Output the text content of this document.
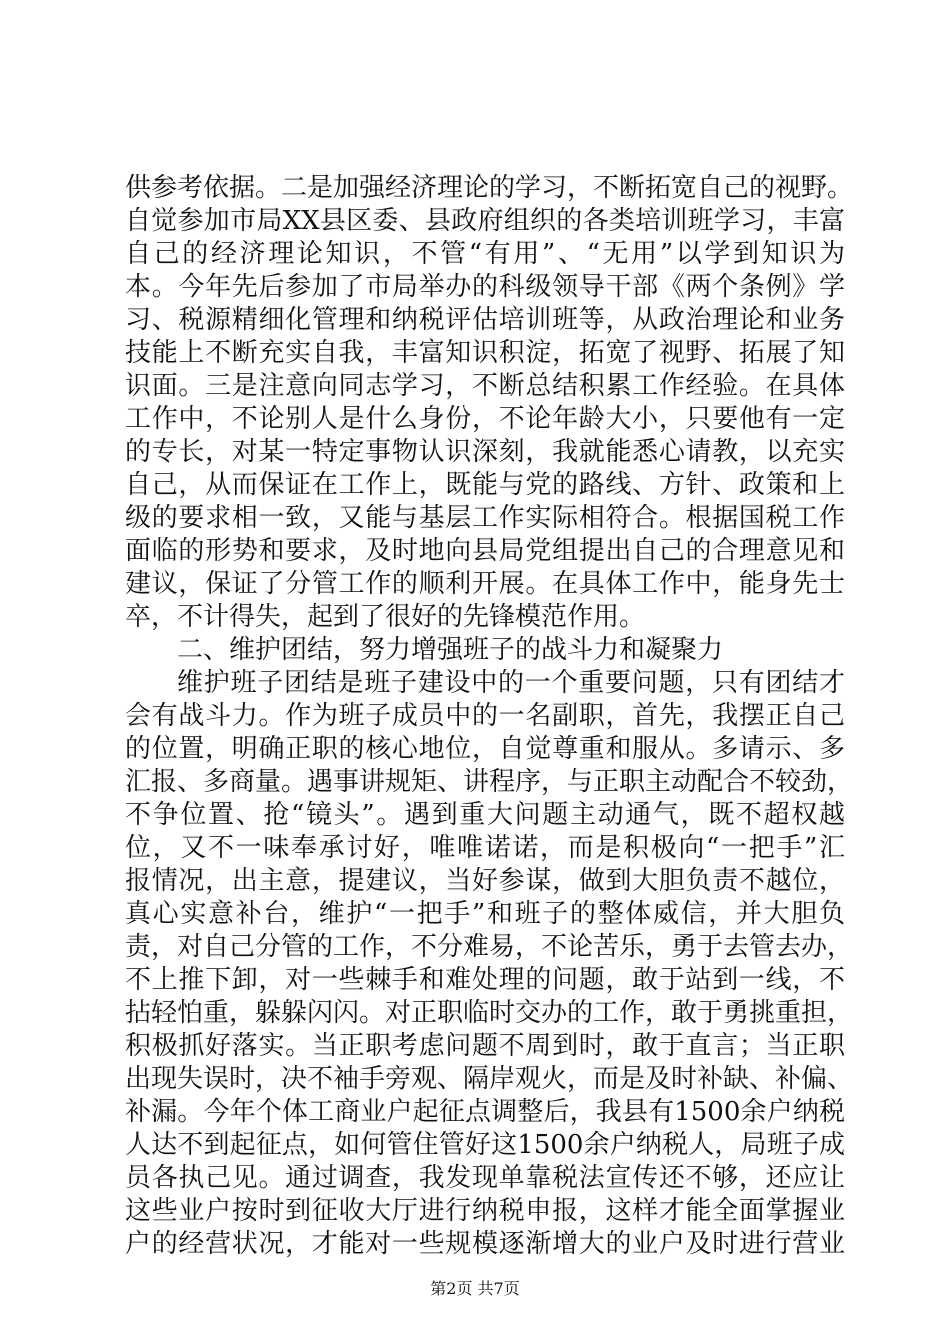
供参考依据。二是加强经济理论的学习，不断拓宽自己的视野。
自觉参加市局XX县区委、县政府组织的各类培训班学习，丰富
自己的经济理论知识，不管“有用”、“无用”以学到知识为
本。今年先后参加了市局举办的科级领导干部《两个条例》学
习、税源精细化管理和纳税评估培训班等，从政治理论和业务
技能上不断充实自我，丰富知识积淀，拓宽了视野、拓展了知
识面。三是注意向同志学习，不断总结积累工作经验。在具体
工作中，不论别人是什么身份，不论年龄大小，只要他有一定
的专长，对某一特定事物认识深刻，我就能悉心请教，以充实
自己，从而保证在工作上，既能与党的路线、方针、政策和上
级的要求相一致，又能与基层工作实际相符合。根据国税工作
面临的形势和要求，及时地向县局党组提出自己的合理意见和
建议，保证了分管工作的顺利开展。在具体工作中，能身先士
卒，不计得失，起到了很好的先锋模范作用。
二、维护团结，努力增强班子的战斗力和凝聚力
维护班子团结是班子建设中的一个重要问题，只有团结才
会有战斗力。作为班子成员中的一名副职，首先，我摆正自己
的位置，明确正职的核心地位，自觉尊重和服从。多请示、多
汇报、多商量。遇事讲规矩、讲程序，与正职主动配合不较劲，
不争位置、抢“镜头”。遇到重大问题主动通气，既不超权越
位，又不一味奉承讨好，唯唯诺诺，而是积极向“一把手”汇
报情况，出主意，提建议，当好参谋，做到大胆负责不越位，
真心实意补台，维护“一把手”和班子的整体威信，并大胆负
责，对自己分管的工作，不分难易，不论苦乐，勇于去管去办，
不上推下卸，对一些棘手和难处理的问题，敢于站到一线，不
拈轻怕重，躲躲闪闪。对正职临时交办的工作，敢于勇挑重担，
积极抓好落实。当正职考虑问题不周到时，敢于直言；当正职
出现失误时，决不袖手旁观、隔岸观火，而是及时补缺、补偏、
补漏。今年个体工商业户起征点调整后，我县有1500余户纳税
人达不到起征点，如何管住管好这1500余户纳税人，局班子成
员各执己见。通过调查，我发现单靠税法宣传还不够，还应让
这些业户按时到征收大厅进行纳税申报，这样才能全面掌握业
户的经营状况，才能对一些规模逐渐增大的业户及时进行营业
第2页 共7页
